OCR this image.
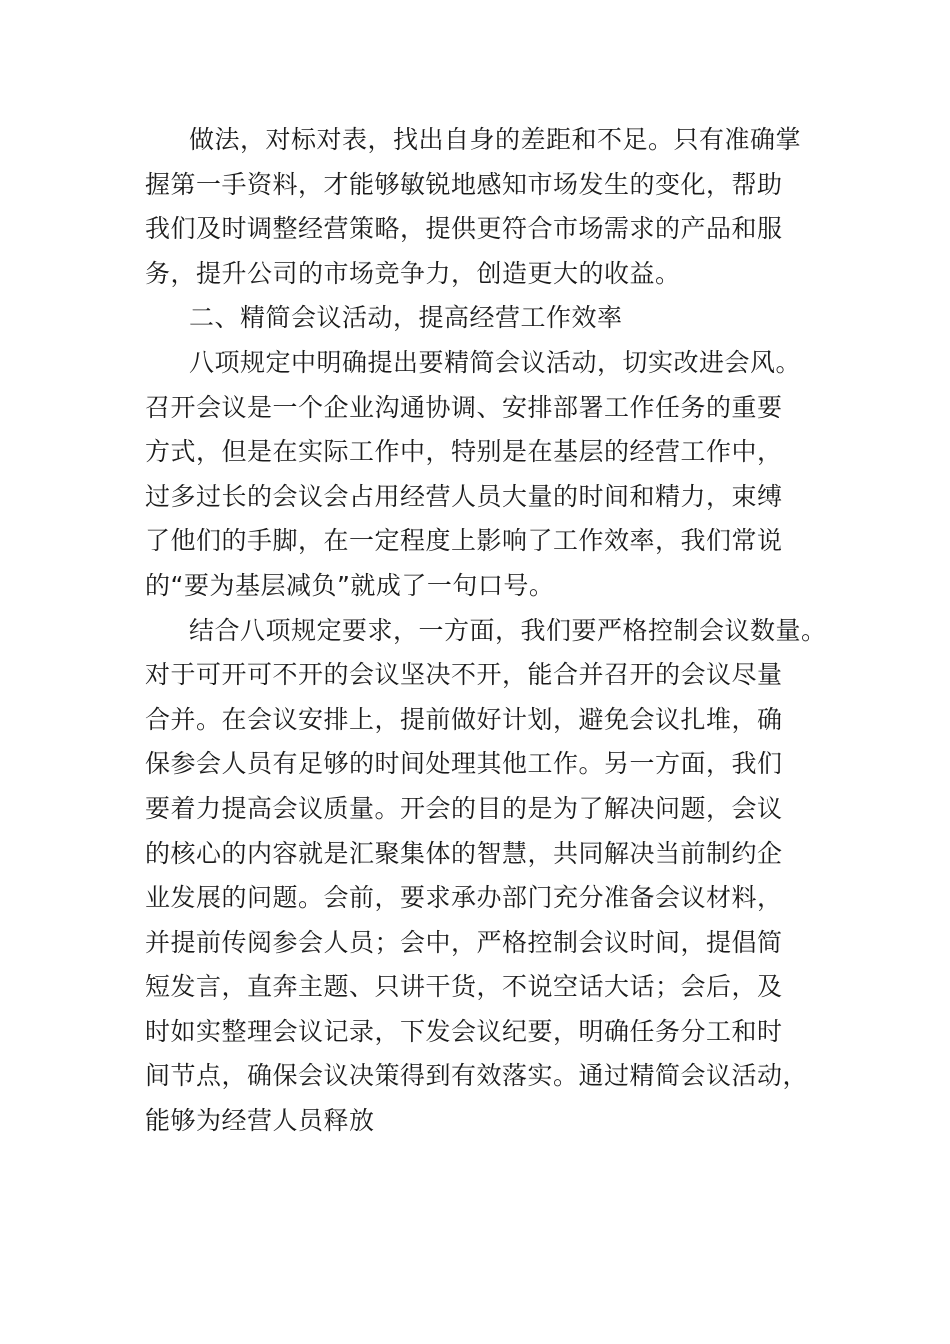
做法，对标对表，找出自身的差距和不足。只有准确掌
握第一手资料，才能够敏锐地感知市场发生的变化，帮助
我们及时调整经营策略，提供更符合市场需求的产品和服
务，提升公司的市场竞争力，创造更大的收益。
二、精简会议活动，提高经营工作效率
八项规定中明确提出要精简会议活动，切实改进会风。
召开会议是一个企业沟通协调、安排部署工作任务的重要
方式，但是在实际工作中，特别是在基层的经营工作中，
过多过长的会议会占用经营人员大量的时间和精力，束缚
了他们的手脚，在一定程度上影响了工作效率，我们常说
的“要为基层减负”就成了一句口号。
结合八项规定要求，一方面，我们要严格控制会议数量。
对于可开可不开的会议坚决不开，能合并召开的会议尽量
合并。在会议安排上，提前做好计划，避免会议扎堆，确
保参会人员有足够的时间处理其他工作。另一方面，我们
要着力提高会议质量。开会的目的是为了解决问题，会议
的核心的内容就是汇聚集体的智慧，共同解决当前制约企
业发展的问题。会前，要求承办部门充分准备会议材料，
并提前传阅参会人员；会中，严格控制会议时间，提倡简
短发言，直奔主题、只讲干货，不说空话大话；会后，及
时如实整理会议记录，下发会议纪要，明确任务分工和时
间节点，确保会议决策得到有效落实。通过精简会议活动，
能够为经营人员释放
